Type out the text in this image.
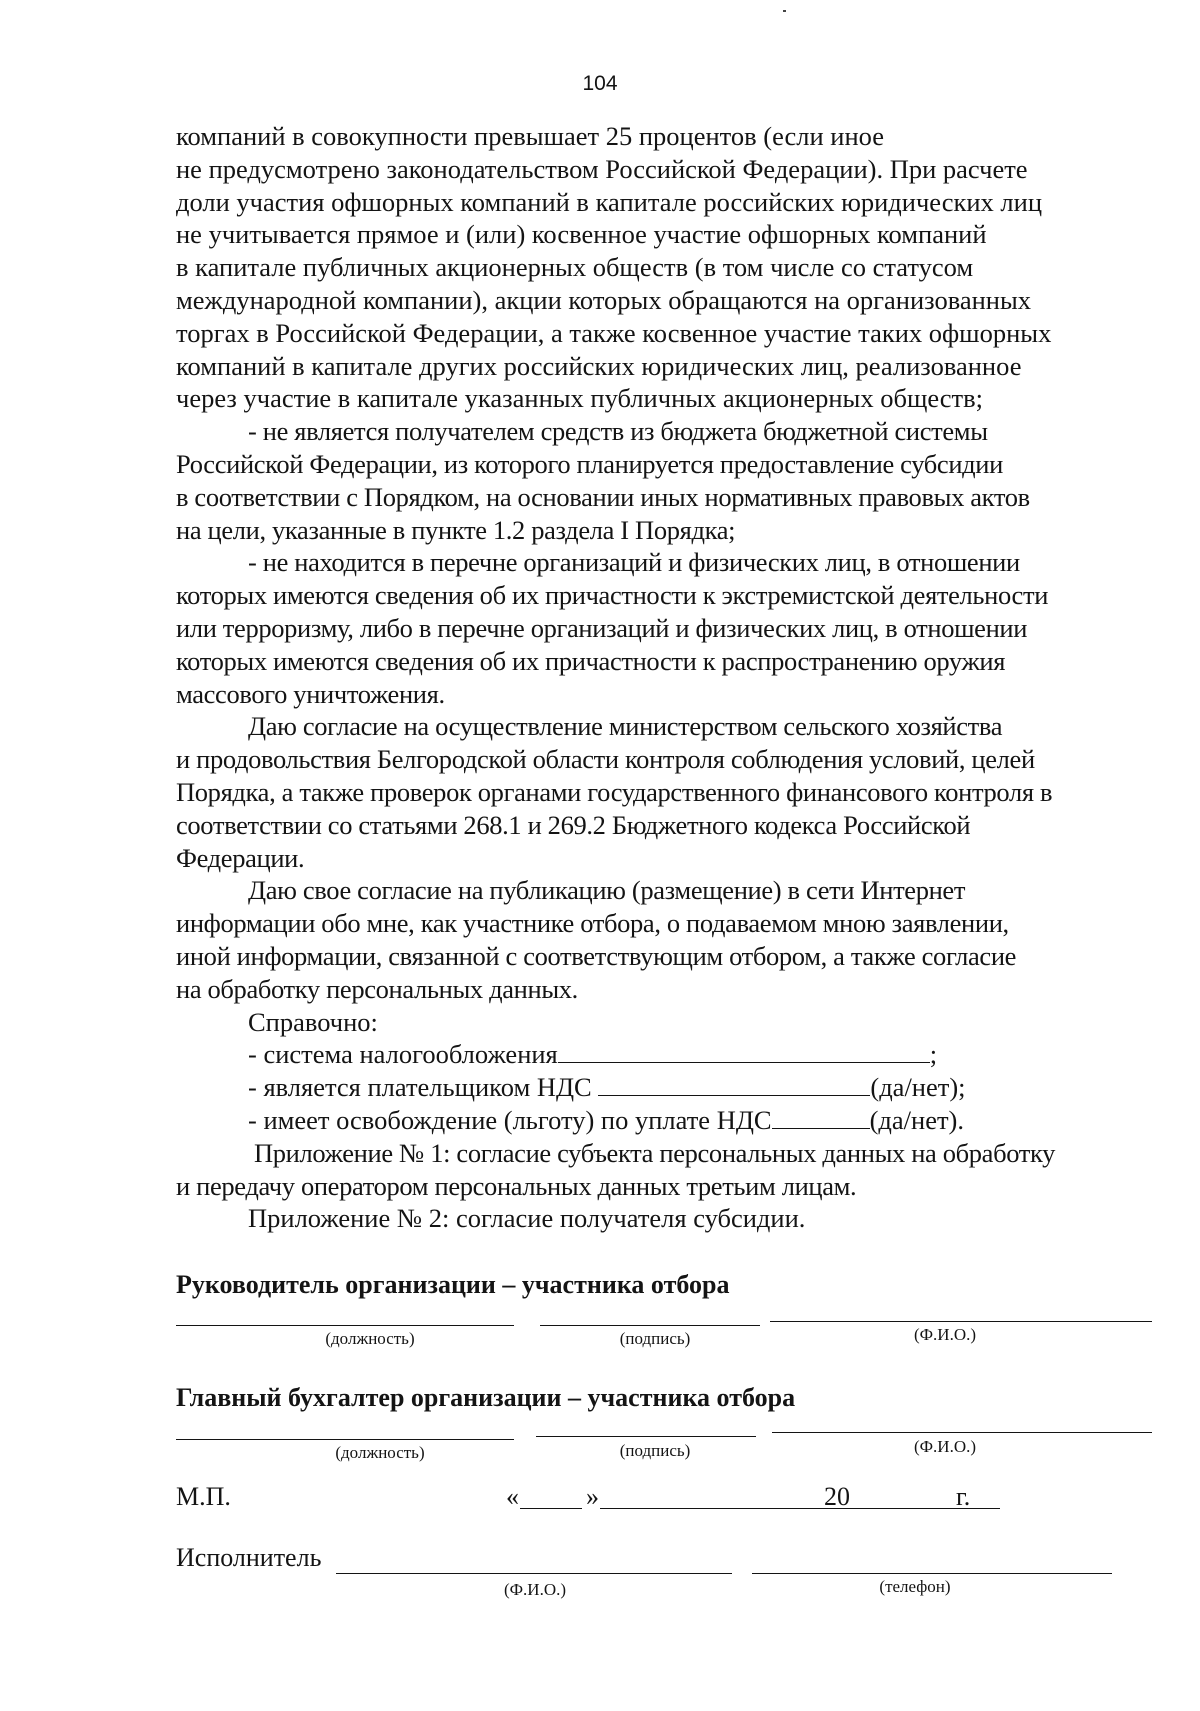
104

компаний в совокупности превышает 25 процентов (если иное
не предусмотрено законодательством Российской Федерации). При расчете
доли участия офшорных компаний в капитале российских юридических лиц
не учитывается прямое и (или) косвенное участие офшорных компаний
в капитале публичных акционерных обществ (в том числе со статусом
международной компании), акции которых обращаются на организованных
торгах в Российской Федерации, а также косвенное участие таких офшорных
компаний в капитале других российских юридических лиц, реализованное
через участие в капитале указанных публичных акционерных обществ;

- не является получателем средств из бюджета бюджетной системы
Российской Федерации, из которого планируется предоставление субсидии
в соответствии с Порядком, на основании иных нормативных правовых актов
на цели, указанные в пункте 1.2 раздела I Порядка;

- не находится в перечне организаций и физических лиц, в отношении
которых имеются сведения об их причастности к экстремистской деятельности
или терроризму, либо в перечне организаций и физических лиц, в отношении
которых имеются сведения об их причастности к распространению оружия
массового уничтожения.

Даю согласие на осуществление министерством сельского хозяйства
и продовольствия Белгородской области контроля соблюдения условий, целей
Порядка, а также проверок органами государственного финансового контроля в
соответствии со статьями 268.1 и 269.2 Бюджетного кодекса Российской
Федерации.

Даю свое согласие на публикацию (размещение) в сети Интернет
информации обо мне, как участнике отбора, о подаваемом мною заявлении,
иной информации, связанной с соответствующим отбором, а также согласие
на обработку персональных данных.

Справочно:
- система налогообложения	;
- является плательщиком НДС	(да/нет);
- имеет освобождение (льготу) по уплате НДС	(да/нет).

Приложение № 1: согласие субъекта персональных данных на обработку
и передачу оператором персональных данных третьим лицам.

Приложение № 2: согласие получателя субсидии.
Руководитель организации – участника отбора
(должность)	(подпись)	(Ф.И.О.)
Главный бухгалтер организации – участника отбора
(должность)	(подпись)	(Ф.И.О.)
М.П.	«	»	20	г.
Исполнитель
(Ф.И.О.)	(телефон)
